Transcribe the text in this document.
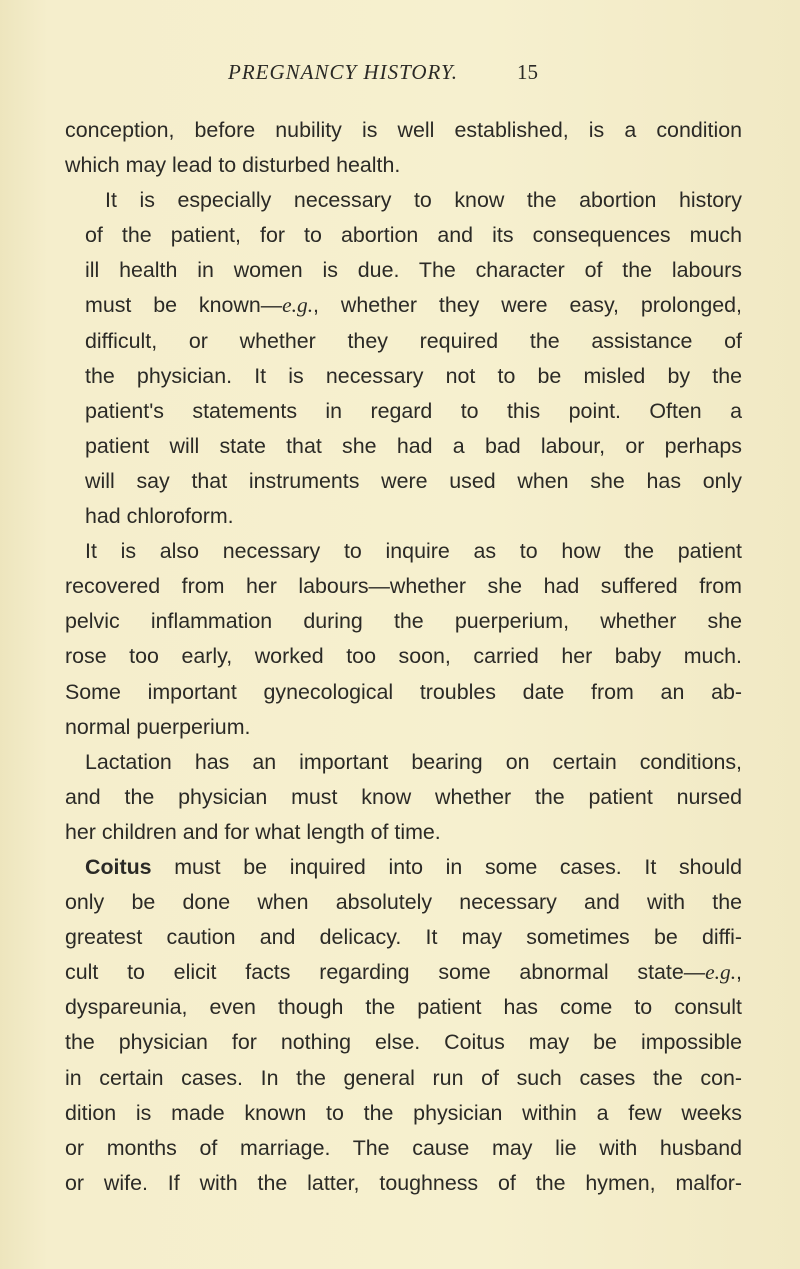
PREGNANCY HISTORY.	15

conception, before nubility is well established, is a condition
which may lead to disturbed health.

It is especially necessary to know the abortion history
of the patient, for to abortion and its consequences much
ill health in women is due. The character of the labours
must be known—e.g., whether they were easy, prolonged,
difficult, or whether they required the assistance of
the physician. It is necessary not to be misled by the
patient's statements in regard to this point. Often a
patient will state that she had a bad labour, or perhaps
will say that instruments were used when she has only
had chloroform.

It is also necessary to inquire as to how the patient
recovered from her labours—whether she had suffered from
pelvic inflammation during the puerperium, whether she
rose too early, worked too soon, carried her baby much.
Some important gynecological troubles date from an ab-
normal puerperium.

Lactation has an important bearing on certain conditions,
and the physician must know whether the patient nursed
her children and for what length of time.

Coitus must be inquired into in some cases. It should
only be done when absolutely necessary and with the
greatest caution and delicacy. It may sometimes be diffi-
cult to elicit facts regarding some abnormal state—e.g.,
dyspareunia, even though the patient has come to consult
the physician for nothing else. Coitus may be impossible
in certain cases. In the general run of such cases the con-
dition is made known to the physician within a few weeks
or months of marriage. The cause may lie with husband
or wife. If with the latter, toughness of the hymen, malfor-
